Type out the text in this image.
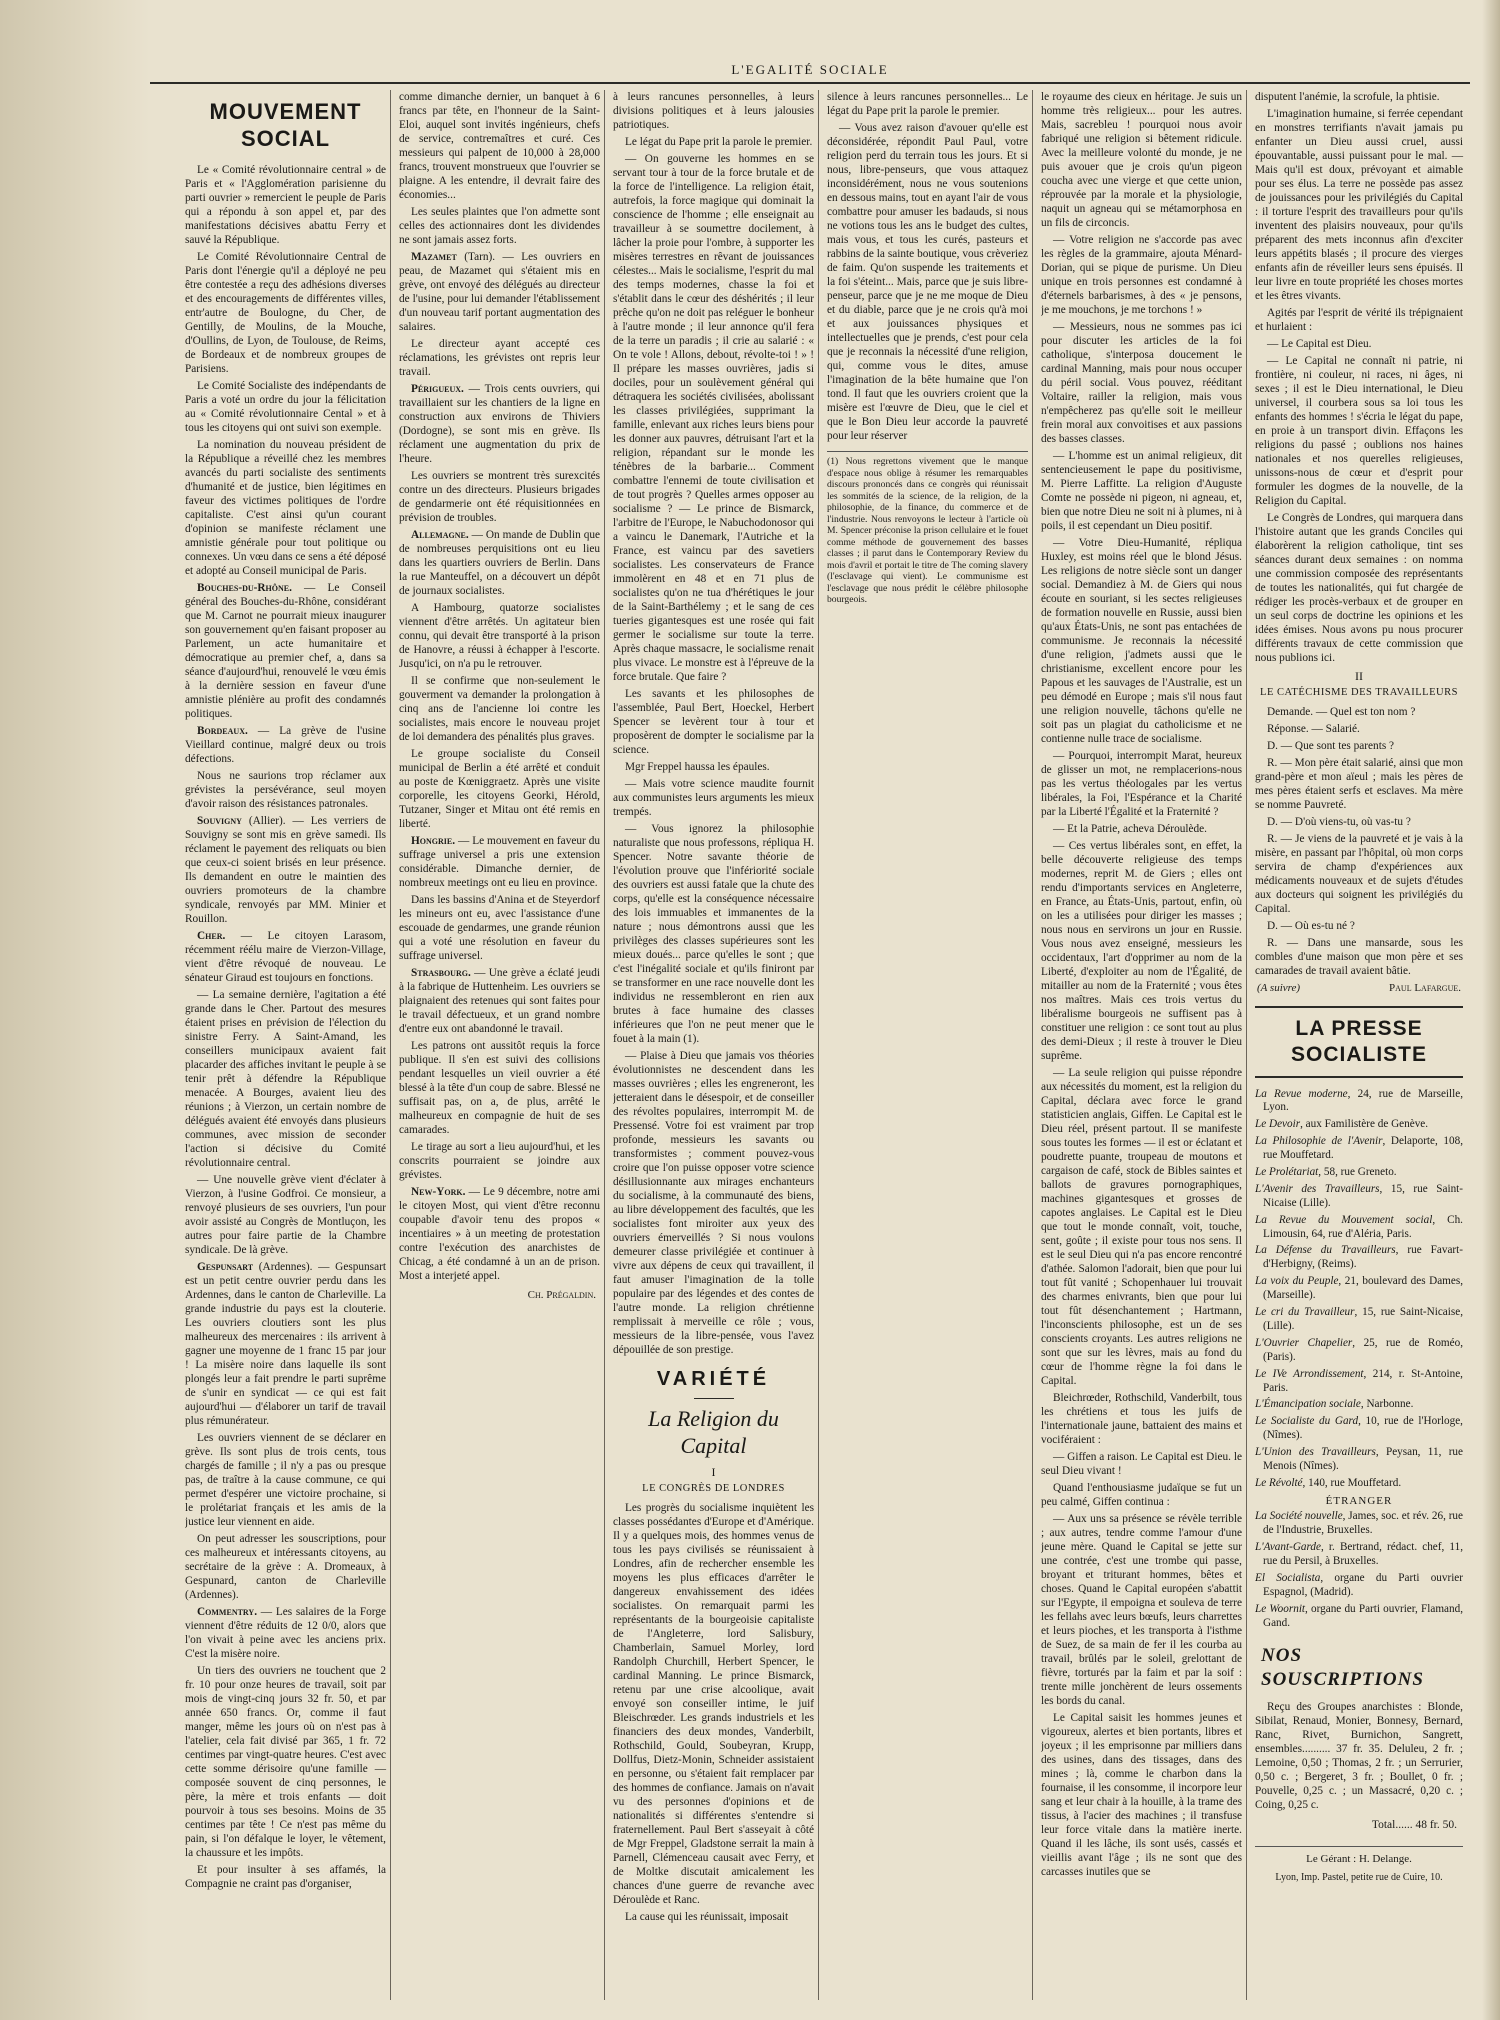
L'EGALITÉ SOCIALE
MOUVEMENT SOCIAL

Le « Comité révolutionnaire central » de Paris et « l'Agglomération parisienne du parti ouvrier » remercient le peuple de Paris qui a répondu à son appel et, par des manifestations décisives abattu Ferry et sauvé la République.

Le Comité Révolutionnaire Central de Paris dont l'énergie qu'il a déployé ne peu être contestée a reçu des adhésions diverses et des encouragements de différentes villes, entr'autre de Boulogne, du Cher, de Gentilly, de Moulins, de la Mouche, d'Oullins, de Lyon, de Toulouse, de Reims, de Bordeaux et de nombreux groupes de Parisiens.

Le Comité Socialiste des indépendants de Paris a voté un ordre du jour la félicitation au « Comité révolutionnaire Cental » et à tous les citoyens qui ont suivi son exemple.

La nomination du nouveau président de la République a réveillé chez les membres avancés du parti socialiste des sentiments d'humanité et de justice, bien légitimes en faveur des victimes politiques de l'ordre capitaliste. C'est ainsi qu'un courant d'opinion se manifeste réclament une amnistie générale pour tout politique ou connexes. Un vœu dans ce sens a été déposé et adopté au Conseil municipal de Paris.

Bouches-du-Rhône. — Le Conseil général des Bouches-du-Rhône, considérant que M. Carnot ne pourrait mieux inaugurer son gouvernement qu'en faisant proposer au Parlement, un acte humanitaire et démocratique au premier chef, a, dans sa séance d'aujourd'hui, renouvelé le vœu émis à la dernière session en faveur d'une amnistie plénière au profit des condamnés politiques.

Bordeaux. — La grève de l'usine Vieillard continue, malgré deux ou trois défections.

Nous ne saurions trop réclamer aux grévistes la persévérance, seul moyen d'avoir raison des résistances patronales.

Souvigny (Allier). — Les verriers de Souvigny se sont mis en grève samedi. Ils réclament le payement des reliquats ou bien que ceux-ci soient brisés en leur présence. Ils demandent en outre le maintien des ouvriers promoteurs de la chambre syndicale, renvoyés par MM. Minier et Rouillon.

Cher. — Le citoyen Larasom, récemment réélu maire de Vierzon-Village, vient d'être révoqué de nouveau. Le sénateur Giraud est toujours en fonctions.

— La semaine dernière, l'agitation a été grande dans le Cher. Partout des mesures étaient prises en prévision de l'élection du sinistre Ferry. A Saint-Amand, les conseillers municipaux avaient fait placarder des affiches invitant le peuple à se tenir prêt à défendre la République menacée. A Bourges, avaient lieu des réunions ; à Vierzon, un certain nombre de délégués avaient été envoyés dans plusieurs communes, avec mission de seconder l'action si décisive du Comité révolutionnaire central.

— Une nouvelle grève vient d'éclater à Vierzon, à l'usine Godfroi. Ce monsieur, a renvoyé plusieurs de ses ouvriers, l'un pour avoir assisté au Congrès de Montluçon, les autres pour faire partie de la Chambre syndicale. De là grève.

Gespunsart (Ardennes). — Gespunsart est un petit centre ouvrier perdu dans les Ardennes, dans le canton de Charleville. La grande industrie du pays est la clouterie. Les ouvriers cloutiers sont les plus malheureux des mercenaires : ils arrivent à gagner une moyenne de 1 franc 15 par jour ! La misère noire dans laquelle ils sont plongés leur a fait prendre le parti suprême de s'unir en syndicat — ce qui est fait aujourd'hui — d'élaborer un tarif de travail plus rémunérateur.

Les ouvriers viennent de se déclarer en grève. Ils sont plus de trois cents, tous chargés de famille ; il n'y a pas ou presque pas, de traître à la cause commune, ce qui permet d'espérer une victoire prochaine, si le prolétariat français et les amis de la justice leur viennent en aide.

On peut adresser les souscriptions, pour ces malheureux et intéressants citoyens, au secrétaire de la grève : A. Dromeaux, à Gespunard, canton de Charleville (Ardennes).

Commentry. — Les salaires de la Forge viennent d'être réduits de 12 0/0, alors que l'on vivait à peine avec les anciens prix. C'est la misère noire.

Un tiers des ouvriers ne touchent que 2 fr. 10 pour onze heures de travail, soit par mois de vingt-cinq jours 32 fr. 50, et par année 650 francs. Or, comme il faut manger, même les jours où on n'est pas à l'atelier, cela fait divisé par 365, 1 fr. 72 centimes par vingt-quatre heures. C'est avec cette somme dérisoire qu'une famille — composée souvent de cinq personnes, le père, la mère et trois enfants — doit pourvoir à tous ses besoins. Moins de 35 centimes par tête ! Ce n'est pas même du pain, si l'on défalque le loyer, le vêtement, la chaussure et les impôts.

Et pour insulter à ses affamés, la Compagnie ne craint pas d'organiser,

comme dimanche dernier, un banquet à 6 francs par tête, en l'honneur de la Saint-Eloi, auquel sont invités ingénieurs, chefs de service, contremaîtres et curé. Ces messieurs qui palpent de 10,000 à 28,000 francs, trouvent monstrueux que l'ouvrier se plaigne. A les entendre, il devrait faire des économies...

Les seules plaintes que l'on admette sont celles des actionnaires dont les dividendes ne sont jamais assez forts.

Mazamet (Tarn). — Les ouvriers en peau, de Mazamet qui s'étaient mis en grève, ont envoyé des délégués au directeur de l'usine, pour lui demander l'établissement d'un nouveau tarif portant augmentation des salaires.

Le directeur ayant accepté ces réclamations, les grévistes ont repris leur travail.

Périgueux. — Trois cents ouvriers, qui travaillaient sur les chantiers de la ligne en construction aux environs de Thiviers (Dordogne), se sont mis en grève. Ils réclament une augmentation du prix de l'heure.

Les ouvriers se montrent très surexcités contre un des directeurs. Plusieurs brigades de gendarmerie ont été réquisitionnées en prévision de troubles.

Allemagne. — On mande de Dublin que de nombreuses perquisitions ont eu lieu dans les quartiers ouvriers de Berlin. Dans la rue Manteuffel, on a découvert un dépôt de journaux socialistes.

A Hambourg, quatorze socialistes viennent d'être arrêtés. Un agitateur bien connu, qui devait être transporté à la prison de Hanovre, a réussi à échapper à l'escorte. Jusqu'ici, on n'a pu le retrouver.

Il se confirme que non-seulement le gouverment va demander la prolongation à cinq ans de l'ancienne loi contre les socialistes, mais encore le nouveau projet de loi demandera des pénalités plus graves.

Le groupe socialiste du Conseil municipal de Berlin a été arrêté et conduit au poste de Kœniggraetz. Après une visite corporelle, les citoyens Georki, Hérold, Tutzaner, Singer et Mitau ont été remis en liberté.

Hongrie. — Le mouvement en faveur du suffrage universel a pris une extension considérable. Dimanche dernier, de nombreux meetings ont eu lieu en province.

Dans les bassins d'Anina et de Steyerdorf les mineurs ont eu, avec l'assistance d'une escouade de gendarmes, une grande réunion qui a voté une résolution en faveur du suffrage universel.

Strasbourg. — Une grève a éclaté jeudi à la fabrique de Huttenheim. Les ouvriers se plaignaient des retenues qui sont faites pour le travail défectueux, et un grand nombre d'entre eux ont abandonné le travail.

Les patrons ont aussitôt requis la force publique. Il s'en est suivi des collisions pendant lesquelles un vieil ouvrier a été blessé à la tête d'un coup de sabre. Blessé ne suffisait pas, on a, de plus, arrêté le malheureux en compagnie de huit de ses camarades.

Le tirage au sort a lieu aujourd'hui, et les conscrits pourraient se joindre aux grévistes.

New-York. — Le 9 décembre, notre ami le citoyen Most, qui vient d'être reconnu coupable d'avoir tenu des propos « incentiaires » à un meeting de protestation contre l'exécution des anarchistes de Chicag, a été condamné à un an de prison. Most a interjeté appel.

Ch. Prégaldin.

à leurs rancunes personnelles, à leurs divisions politiques et à leurs jalousies patriotiques.

Le légat du Pape prit la parole le premier.

— On gouverne les hommes en se servant tour à tour de la force brutale et de la force de l'intelligence. La religion était, autrefois, la force magique qui dominait la conscience de l'homme ; elle enseignait au travailleur à se soumettre docilement, à lâcher la proie pour l'ombre, à supporter les misères terrestres en rêvant de jouissances célestes... Mais le socialisme, l'esprit du mal des temps modernes, chasse la foi et s'établit dans le cœur des déshérités ; il leur prêche qu'on ne doit pas reléguer le bonheur à l'autre monde ; il leur annonce qu'il fera de la terre un paradis ; il crie au salarié : « On te vole ! Allons, debout, révolte-toi ! » ! Il prépare les masses ouvrières, jadis si dociles, pour un soulèvement général qui détraquera les sociétés civilisées, abolissant les classes privilégiées, supprimant la famille, enlevant aux riches leurs biens pour les donner aux pauvres, détruisant l'art et la religion, répandant sur le monde les ténèbres de la barbarie... Comment combattre l'ennemi de toute civilisation et de tout progrès ? Quelles armes opposer au socialisme ? — Le prince de Bismarck, l'arbitre de l'Europe, le Nabuchodonosor qui a vaincu le Danemark, l'Autriche et la France, est vaincu par des savetiers socialistes. Les conservateurs de France immolèrent en 48 et en 71 plus de socialistes qu'on ne tua d'hérétiques le jour de la Saint-Barthélemy ; et le sang de ces tueries gigantesques est une rosée qui fait germer le socialisme sur toute la terre. Après chaque massacre, le socialisme renait plus vivace. Le monstre est à l'épreuve de la force brutale. Que faire ?

Les savants et les philosophes de l'assemblée, Paul Bert, Hoeckel, Herbert Spencer se levèrent tour à tour et proposèrent de dompter le socialisme par la science.

Mgr Freppel haussa les épaules.

— Mais votre science maudite fournit aux communistes leurs arguments les mieux trempés.

— Vous ignorez la philosophie naturaliste que nous professons, répliqua H. Spencer. Notre savante théorie de l'évolution prouve que l'infériorité sociale des ouvriers est aussi fatale que la chute des corps, qu'elle est la conséquence nécessaire des lois immuables et immanentes de la nature ; nous démontrons aussi que les privilèges des classes supérieures sont les mieux doués... parce qu'elles le sont ; que c'est l'inégalité sociale et qu'ils finiront par se transformer en une race nouvelle dont les individus ne ressembleront en rien aux brutes à face humaine des classes inférieures que l'on ne peut mener que le fouet à la main (1).

— Plaise à Dieu que jamais vos théories évolutionnistes ne descendent dans les masses ouvrières ; elles les engreneront, les jetteraient dans le désespoir, et de conseiller des révoltes populaires, interrompit M. de Pressensé. Votre foi est vraiment par trop profonde, messieurs les savants ou transformistes ; comment pouvez-vous croire que l'on puisse opposer votre science désillusionnante aux mirages enchanteurs du socialisme, à la communauté des biens, au libre développement des facultés, que les socialistes font miroiter aux yeux des ouvriers émerveillés ? Si nous voulons demeurer classe privilégiée et continuer à vivre aux dépens de ceux qui travaillent, il faut amuser l'imagination de la tolle populaire par des légendes et des contes de l'autre monde. La religion chrétienne remplissait à merveille ce rôle ; vous, messieurs de la libre-pensée, vous l'avez dépouillée de son prestige.

VARIÉTÉ
La Religion du Capital
I
LE CONGRÈS DE LONDRES

Les progrès du socialisme inquiètent les classes possédantes d'Europe et d'Amérique. Il y a quelques mois, des hommes venus de tous les pays civilisés se réunissaient à Londres, afin de rechercher ensemble les moyens les plus efficaces d'arrêter le dangereux envahissement des idées socialistes. On remarquait parmi les représentants de la bourgeoisie capitaliste de l'Angleterre, lord Salisbury, Chamberlain, Samuel Morley, lord Randolph Churchill, Herbert Spencer, le cardinal Manning. Le prince Bismarck, retenu par une crise alcoolique, avait envoyé son conseiller intime, le juif Bleischrœder. Les grands industriels et les financiers des deux mondes, Vanderbilt, Rothschild, Gould, Soubeyran, Krupp, Dollfus, Dietz-Monin, Schneider assistaient en personne, ou s'étaient fait remplacer par des hommes de confiance. Jamais on n'avait vu des personnes d'opinions et de nationalités si différentes s'entendre si fraternellement. Paul Bert s'asseyait à côté de Mgr Freppel, Gladstone serrait la main à Parnell, Clémenceau causait avec Ferry, et de Moltke discutait amicalement les chances d'une guerre de revanche avec Déroulède et Ranc.

La cause qui les réunissait, imposait

silence à leurs rancunes personnelles... Le légat du Pape prit la parole le premier.

— Vous avez raison d'avouer qu'elle est déconsidérée, répondit Paul Paul, votre religion perd du terrain tous les jours. Et si nous, libre-penseurs, que vous attaquez inconsidérément, nous ne vous soutenions en dessous mains, tout en ayant l'air de vous combattre pour amuser les badauds, si nous ne votions tous les ans le budget des cultes, mais vous, et tous les curés, pasteurs et rabbins de la sainte boutique, vous crèveriez de faim. Qu'on suspende les traitements et la foi s'éteint... Mais, parce que je suis libre-penseur, parce que je ne me moque de Dieu et du diable, parce que je ne crois qu'à moi et aux jouissances physiques et intellectuelles que je prends, c'est pour cela que je reconnais la nécessité d'une religion, qui, comme vous le dites, amuse l'imagination de la bête humaine que l'on tond. Il faut que les ouvriers croient que la misère est l'œuvre de Dieu, que le ciel et que le Bon Dieu leur accorde la pauvreté pour leur réserver

(1) Nous regrettons vivement que le manque d'espace nous oblige à résumer les remarquables discours prononcés dans ce congrès qui réunissait les sommités de la science, de la religion, de la philosophie, de la finance, du commerce et de l'industrie. Nous renvoyons le lecteur à l'article où M. Spencer préconise la prison cellulaire et le fouet comme méthode de gouvernement des basses classes ; il parut dans le Contemporary Review du mois d'avril et portait le titre de The coming slavery (l'esclavage qui vient). Le communisme est l'esclavage que nous prédit le célèbre philosophe bourgeois.

le royaume des cieux en héritage. Je suis un homme très religieux... pour les autres. Mais, sacrebleu ! pourquoi nous avoir fabriqué une religion si bêtement ridicule. Avec la meilleure volonté du monde, je ne puis avouer que je crois qu'un pigeon coucha avec une vierge et que cette union, réprouvée par la morale et la physiologie, naquit un agneau qui se métamorphosa en un fils de circoncis.

— Votre religion ne s'accorde pas avec les règles de la grammaire, ajouta Ménard-Dorian, qui se pique de purisme. Un Dieu unique en trois personnes est condamné à d'éternels barbarismes, à des « je pensons, je me mouchons, je me torchons ! »

— Messieurs, nous ne sommes pas ici pour discuter les articles de la foi catholique, s'interposa doucement le cardinal Manning, mais pour nous occuper du péril social. Vous pouvez, rééditant Voltaire, railler la religion, mais vous n'empêcherez pas qu'elle soit le meilleur frein moral aux convoitises et aux passions des basses classes.

— L'homme est un animal religieux, dit sentencieusement le pape du positivisme, M. Pierre Laffitte. La religion d'Auguste Comte ne possède ni pigeon, ni agneau, et, bien que notre Dieu ne soit ni à plumes, ni à poils, il est cependant un Dieu positif.

— Votre Dieu-Humanité, répliqua Huxley, est moins réel que le blond Jésus. Les religions de notre siècle sont un danger social. Demandiez à M. de Giers qui nous écoute en souriant, si les sectes religieuses de formation nouvelle en Russie, aussi bien qu'aux États-Unis, ne sont pas entachées de communisme. Je reconnais la nécessité d'une religion, j'admets aussi que le christianisme, excellent encore pour les Papous et les sauvages de l'Australie, est un peu démodé en Europe ; mais s'il nous faut une religion nouvelle, tâchons qu'elle ne soit pas un plagiat du catholicisme et ne contienne nulle trace de socialisme.

— Pourquoi, interrompit Marat, heureux de glisser un mot, ne remplacerions-nous pas les vertus théologales par les vertus libérales, la Foi, l'Espérance et la Charité par la Liberté l'Égalité et la Fraternité ?

— Et la Patrie, acheva Déroulède.

— Ces vertus libérales sont, en effet, la belle découverte religieuse des temps modernes, reprit M. de Giers ; elles ont rendu d'importants services en Angleterre, en France, au États-Unis, partout, enfin, où on les a utilisées pour diriger les masses ; nous nous en servirons un jour en Russie. Vous nous avez enseigné, messieurs les occidentaux, l'art d'opprimer au nom de la Liberté, d'exploiter au nom de l'Égalité, de mitailler au nom de la Fraternité ; vous êtes nos maîtres. Mais ces trois vertus du libéralisme bourgeois ne suffisent pas à constituer une religion : ce sont tout au plus des demi-Dieux ; il reste à trouver le Dieu suprême.

— La seule religion qui puisse répondre aux nécessités du moment, est la religion du Capital, déclara avec force le grand statisticien anglais, Giffen. Le Capital est le Dieu réel, présent partout. Il se manifeste sous toutes les formes — il est or éclatant et poudrette puante, troupeau de moutons et cargaison de café, stock de Bibles saintes et ballots de gravures pornographiques, machines gigantesques et grosses de capotes anglaises. Le Capital est le Dieu que tout le monde connaît, voit, touche, sent, goûte ; il existe pour tous nos sens. Il est le seul Dieu qui n'a pas encore rencontré d'athée. Salomon l'adorait, bien que pour lui tout fût vanité ; Schopenhauer lui trouvait des charmes enivrants, bien que pour lui tout fût désenchantement ; Hartmann, l'inconscients philosophe, est un de ses conscients croyants. Les autres religions ne sont que sur les lèvres, mais au fond du cœur de l'homme règne la foi dans le Capital.

Bleichrœder, Rothschild, Vanderbilt, tous les chrétiens et tous les juifs de l'internationale jaune, battaient des mains et vociféraient :

— Giffen a raison. Le Capital est Dieu. le seul Dieu vivant !

Quand l'enthousiasme judaïque se fut un peu calmé, Giffen continua :

— Aux uns sa présence se révèle terrible ; aux autres, tendre comme l'amour d'une jeune mère. Quand le Capital se jette sur une contrée, c'est une trombe qui passe, broyant et triturant hommes, bêtes et choses. Quand le Capital européen s'abattit sur l'Egypte, il empoigna et souleva de terre les fellahs avec leurs bœufs, leurs charrettes et leurs pioches, et les transporta à l'isthme de Suez, de sa main de fer il les courba au travail, brûlés par le soleil, grelottant de fièvre, torturés par la faim et par la soif : trente mille jonchèrent de leurs ossements les bords du canal.

Le Capital saisit les hommes jeunes et vigoureux, alertes et bien portants, libres et joyeux ; il les emprisonne par milliers dans des usines, dans des tissages, dans des mines ; là, comme le charbon dans la fournaise, il les consomme, il incorpore leur sang et leur chair à la houille, à la trame des tissus, à l'acier des machines ; il transfuse leur force vitale dans la matière inerte. Quand il les lâche, ils sont usés, cassés et vieillis avant l'âge ; ils ne sont que des carcasses inutiles que se

disputent l'anémie, la scrofule, la phtisie.

L'imagination humaine, si ferrée cependant en monstres terrifiants n'avait jamais pu enfanter un Dieu aussi cruel, aussi épouvantable, aussi puissant pour le mal. — Mais qu'il est doux, prévoyant et aimable pour ses élus. La terre ne possède pas assez de jouissances pour les privilégiés du Capital : il torture l'esprit des travailleurs pour qu'ils inventent des plaisirs nouveaux, pour qu'ils préparent des mets inconnus afin d'exciter leurs appétits blasés ; il procure des vierges enfants afin de réveiller leurs sens épuisés. Il leur livre en toute propriété les choses mortes et les êtres vivants.

Agités par l'esprit de vérité ils trépignaient et hurlaient :

— Le Capital est Dieu.

— Le Capital ne connaît ni patrie, ni frontière, ni couleur, ni races, ni âges, ni sexes ; il est le Dieu international, le Dieu universel, il courbera sous sa loi tous les enfants des hommes ! s'écria le légat du pape, en proie à un transport divin. Effaçons les religions du passé ; oublions nos haines nationales et nos querelles religieuses, unissons-nous de cœur et d'esprit pour formuler les dogmes de la nouvelle, de la Religion du Capital.

Le Congrès de Londres, qui marquera dans l'histoire autant que les grands Conciles qui élaborèrent la religion catholique, tint ses séances durant deux semaines : on nomma une commission composée des représentants de toutes les nationalités, qui fut chargée de rédiger les procès-verbaux et de grouper en un seul corps de doctrine les opinions et les idées émises. Nous avons pu nous procurer différents travaux de cette commission que nous publions ici.

II
LE CATÉCHISME DES TRAVAILLEURS

Demande. — Quel est ton nom ?

Réponse. — Salarié.

D. — Que sont tes parents ?

R. — Mon père était salarié, ainsi que mon grand-père et mon aïeul ; mais les pères de mes pères étaient serfs et esclaves. Ma mère se nomme Pauvreté.

D. — D'où viens-tu, où vas-tu ?

R. — Je viens de la pauvreté et je vais à la misère, en passant par l'hôpital, où mon corps servira de champ d'expériences aux médicaments nouveaux et de sujets d'études aux docteurs qui soignent les privilégiés du Capital.

D. — Où es-tu né ?

R. — Dans une mansarde, sous les combles d'une maison que mon père et ses camarades de travail avaient bâtie.

(A suivre)	Paul Lafargue.
LA PRESSE SOCIALISTE
La Revue moderne, 24, rue de Marseille, Lyon.
Le Devoir, aux Familistère de Genève.
La Philosophie de l'Avenir, Delaporte, 108, rue Mouffetard.
Le Prolétariat, 58, rue Greneto.
L'Avenir des Travailleurs, 15, rue Saint-Nicaise (Lille).
La Revue du Mouvement social, Ch. Limousin, 64, rue d'Aléria, Paris.
La Défense du Travailleurs, rue Favart-d'Herbigny, (Reims).
La voix du Peuple, 21, boulevard des Dames, (Marseille).
Le cri du Travailleur, 15, rue Saint-Nicaise, (Lille).
L'Ouvrier Chapelier, 25, rue de Roméo, (Paris).
Le IVe Arrondissement, 214, r. St-Antoine, Paris.
L'Émancipation sociale, Narbonne.
Le Socialiste du Gard, 10, rue de l'Horloge, (Nîmes).
L'Union des Travailleurs, Peysan, 11, rue Menois (Nîmes).
Le Révolté, 140, rue Mouffetard.
ÉTRANGER
La Société nouvelle, James, soc. et rév. 26, rue de l'Industrie, Bruxelles.
L'Avant-Garde, r. Bertrand, rédact. chef, 11, rue du Persil, à Bruxelles.
El Socialista, organe du Parti ouvrier Espagnol, (Madrid).
Le Woornit, organe du Parti ouvrier, Flamand, Gand.
NOS SOUSCRIPTIONS

Reçu des Groupes anarchistes : Blonde, Sibilat, Renaud, Monier, Bonnesy, Bernard, Ranc, Rivet, Burnichon, Sangrett, ensembles.......... 37 fr. 35. Deluleu, 2 fr. ; Lemoine, 0,50 ; Thomas, 2 fr. ; un Serrurier, 0,50 c. ; Bergeret, 3 fr. ; Boullet, 0 fr. ; Pouvelle, 0,25 c. ; un Massacré, 0,20 c. ; Coing, 0,25 c.

Total...... 48 fr. 50.
Le Gérant : H. Delange.
Lyon, Imp. Pastel, petite rue de Cuire, 10.
